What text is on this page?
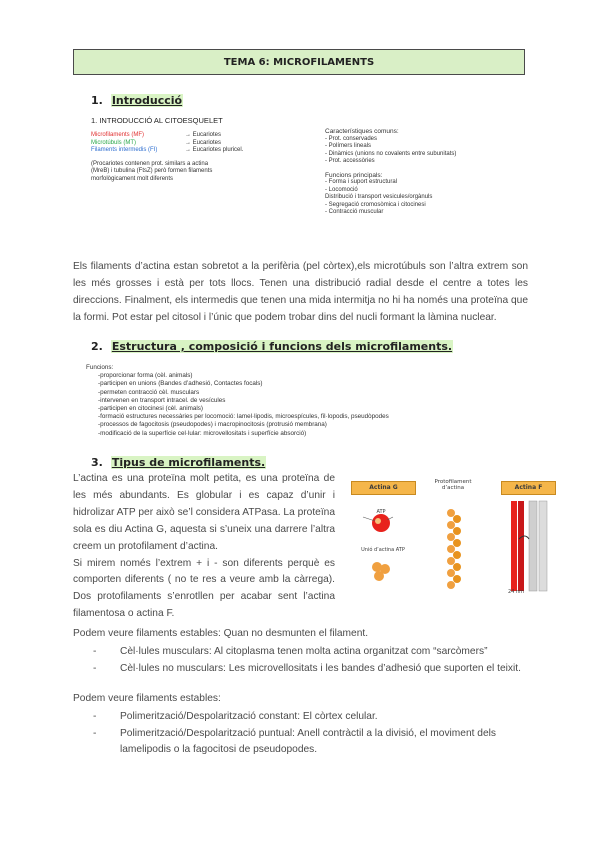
TEMA 6: MICROFILAMENTS
1. Introducció
1. INTRODUCCIÓ AL CITOESQUELET
Microfilaments (MF)	→ Eucariotes
Microtúbuls (MT)	→ Eucariotes
Filaments intermedis (FI)	→ Eucariotes pluricel.
(Procariotes contenen prot. similars a actina
(MreB) i tubulina (FtsZ) però formen filaments
morfològicament molt diferents
Característiques comuns:
- Prot. conservades
- Polímers lineals
- Dinàmics (unions no covalents entre subunitats)
- Prot. accessòries
Funcions principals:
- Forma i suport estructural
- Locomoció
Distribució i transport vesicules/orgànuls
- Segregació cromosòmica i citocinesi
- Contracció muscular

Els filaments d’actina estan sobretot a la perifèria (pel còrtex),els microtúbuls son l’altra extrem son les més grosses i està per tots llocs. Tenen una distribució radial desde el centre a totes les direccions. Finalment, els intermedis que tenen una mida intermitja no hi ha només una proteïna que la formi. Pot estar pel citosol i l’únic que podem trobar dins del nucli formant la làmina nuclear.

2. Estructura , composició i funcions dels microfilaments.
Funcions:
-proporcionar forma (cèl. animals)
-participen en unions (Bandes d’adhesió, Contactes focals)
-permeten contracció cèl. musculars
-intervenen en transport intracel. de vesícules
-participen en citocinesi (cèl. animals)
-formació estructures necessàries per locomoció: lamel·lipodis, microespícules, fil·lopodis, pseudòpodes
-processos de fagocitosis (pseudopodes) i macropinocitosis (protrusió membrana)
-modificació de la superfície cel·lular: microvellositats i superfície absorció)
3. Tipus de microfilaments.

L’actina es una proteïna molt petita, es una proteïna de les més abundants. Es globular i es capaz d’unir i hidrolizar ATP per això se’l considera ATPasa. La proteïna sola es diu Actina G, aquesta si s’uneix una darrere l’altra creem un protofilament d’actina.

Si mirem només l’extrem + i - son diferents perquè es comporten diferents ( no te res a veure amb la càrrega). Dos protofilaments s’enrotllen per acabar sent l’actina filamentosa o actina F.

Actina G
Protofilament d’actina	Actina F
ATP
Unió d’actina ATP
24 nm
Podem veure filaments estables: Quan no desmunten el filament.
-	Cèl·lules musculars: Al citoplasma tenen molta actina organitzat com “sarcòmers”
-	Cèl·lules no musculars: Les microvellositats i les bandes d’adhesió que suporten el teixit.
Podem veure filaments estables:
-	Polimerització/Despolarització constant: El còrtex celular.
-	Polimerització/Despolarització puntual: Anell contràctil a la divisió, el moviment dels lamelipodis o la fagocitosi de pseudopodes.
